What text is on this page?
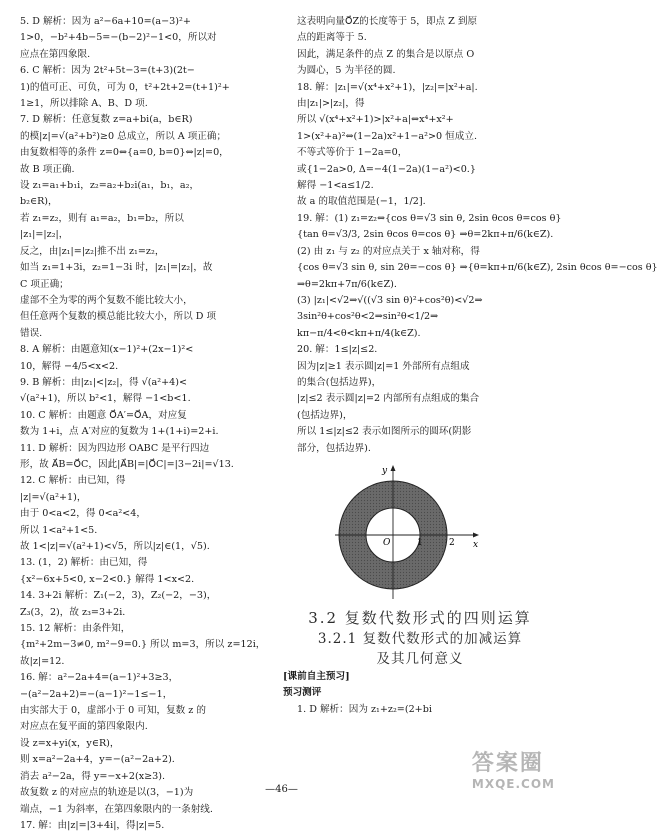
5. D 解析：因为 a²−6a+10=(a−3)²+

1>0，−b²+4b−5=−(b−2)²−1<0，所以对

应点在第四象限.

6. C 解析：因为 2t²+5t−3=(t+3)(2t−

1)的值可正、可负，可为 0，t²+2t+2=(t+1)²+

1≥1，所以排除 A、B、D 项.

7. D 解析：任意复数 z=a+bi(a，b∈R)

的模|z|=√(a²+b²)≥0 总成立，所以 A 项正确；

由复数相等的条件 z=0⇔{a=0, b=0}⇔|z|=0，

故 B 项正确.

设 z₁=a₁+b₁i，z₂=a₂+b₂i(a₁，b₁，a₂，

b₂∈R)，

若 z₁=z₂，则有 a₁=a₂，b₁=b₂，所以

|z₁|=|z₂|，

反之，由|z₁|=|z₂|推不出 z₁=z₂，

如当 z₁=1+3i，z₂=1−3i 时，|z₁|=|z₂|，故

C 项正确；

虚部不全为零的两个复数不能比较大小，

但任意两个复数的模总能比较大小，所以 D 项

错误.

8. A 解析：由题意知(x−1)²+(2x−1)²<

10，解得 −4/5<x<2.

9. B 解析：由|z₁|<|z₂|，得 √(a²+4)<

√(a²+1)，所以 b²<1，解得 −1<b<1.

10. C 解析：由题意 O⃗A′=O⃗A，对应复

数为 1+i，点 A′对应的复数为 1+(1+i)=2+i.

11. D 解析：因为四边形 OABC 是平行四边

形，故 A⃗B=O⃗C，因此|A⃗B|=|O⃗C|=|3−2i|=√13.

12. C 解析：由已知，得

|z|=√(a²+1)，

由于 0<a<2，得 0<a²<4，

所以 1<a²+1<5.

故 1<|z|=√(a²+1)<√5，所以|z|∈(1，√5).

13. (1，2) 解析：由已知，得

{x²−6x+5<0, x−2<0.} 解得 1<x<2.

14. 3+2i 解析：Z₁(−2，3)，Z₂(−2，−3)，

Z₃(3，2)，故 z₃=3+2i.

15. 12 解析：由条件知，

{m²+2m−3≠0, m²−9=0.} 所以 m=3，所以 z=12i，

故|z|=12.

16. 解：a²−2a+4=(a−1)²+3≥3，

−(a²−2a+2)=−(a−1)²−1≤−1，

由实部大于 0，虚部小于 0 可知，复数 z 的

对应点在复平面的第四象限内.

设 z=x+yi(x，y∈R)，

则 x=a²−2a+4，y=−(a²−2a+2).

消去 a²−2a，得 y=−x+2(x≥3).

故复数 z 的对应点的轨迹是以(3，−1)为

端点，−1 为斜率，在第四象限内的一条射线.

17. 解：由|z|=|3+4i|，得|z|=5.

这表明向量O⃗Z的长度等于 5，即点 Z 到原

点的距离等于 5.

因此，满足条件的点 Z 的集合是以原点 O

为圆心，5 为半径的圆.

18. 解：|z₁|=√(x⁴+x²+1)，|z₂|=|x²+a|.

由|z₁|>|z₂|，得

所以 √(x⁴+x²+1)>|x²+a|⇔x⁴+x²+

1>(x²+a)²⇔(1−2a)x²+1−a²>0 恒成立.

不等式等价于 1−2a=0，

或{1−2a>0, Δ=−4(1−2a)(1−a²)<0.}

解得 −1<a≤1/2.

故 a 的取值范围是(−1，1/2].

19. 解：(1) z₁=z₂⇔{cos θ=√3 sin θ, 2sin θcos θ=cos θ}

{tan θ=√3/3, 2sin θcos θ=cos θ} ⇒θ=2kπ+π/6(k∈Z).

(2) 由 z₁ 与 z₂ 的对应点关于 x 轴对称，得

{cos θ=√3 sin θ, sin 2θ=−cos θ} ⇒{θ=kπ+π/6(k∈Z), 2sin θcos θ=−cos θ}

⇒θ=2kπ+7π/6(k∈Z).

(3) |z₁|<√2⇒√((√3 sin θ)²+cos²θ)<√2⇒

3sin²θ+cos²θ<2⇒sin²θ<1/2⇒

kπ−π/4<θ<kπ+π/4(k∈Z).

20. 解：1≤|z|≤2.

因为|z|≥1 表示圆|z|=1 外部所有点组成

的集合(包括边界)，

|z|≤2 表示圆|z|=2 内部所有点组成的集合

(包括边界)，

所以 1≤|z|≤2 表示如图所示的圆环(阴影

部分，包括边界).

x
y
O	1	2
3.2 复数代数形式的四则运算
3.2.1 复数代数形式的加减运算
及其几何意义
[课前自主预习]
预习测评

1. D 解析：因为 z₁+z₂=(2+bi

—46—
答案圈
MXQE.COM
